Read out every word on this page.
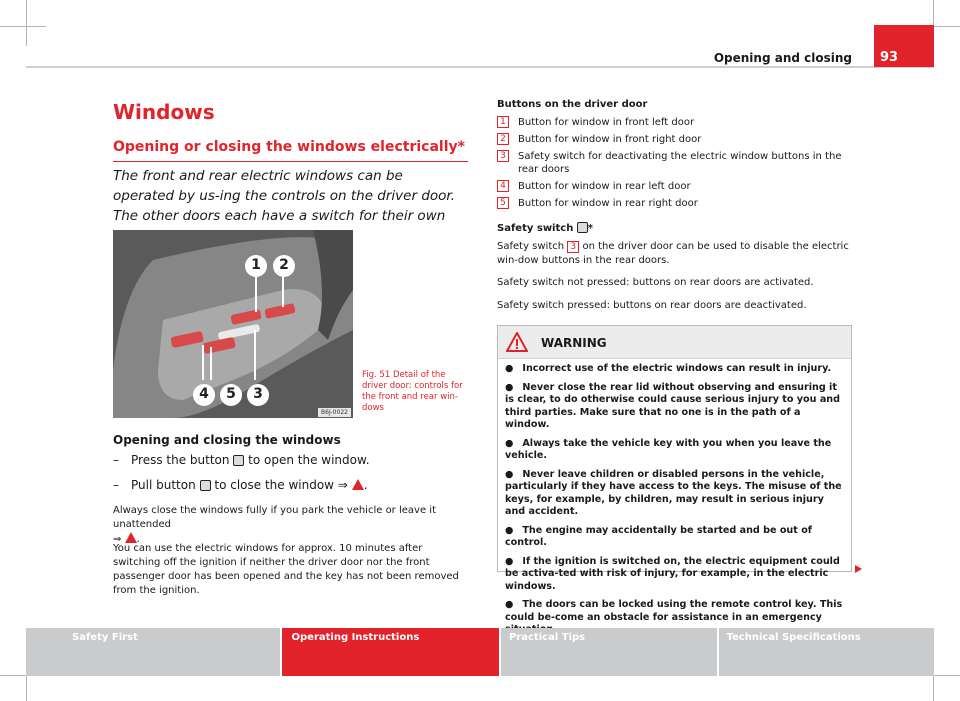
Opening and closing	93
Windows
Opening or closing the windows electrically*
The front and rear electric windows can be operated by us-ing the controls on the driver door. The other doors each have a switch for their own
1	2
4	5	3
B6J-0022
Fig. 51 Detail of the driver door: controls for the front and rear win-dows
Opening and closing the windows
– Press the button to open the window.
– Pull button to close the window ⇒ .
Always close the windows fully if you park the vehicle or leave it unattended
⇒ .
You can use the electric windows for approx. 10 minutes after switching off the ignition if neither the driver door nor the front passenger door has been opened and the key has not been removed from the ignition.
Buttons on the driver door
1	Button for window in front left door
2	Button for window in front right door
3	Safety switch for deactivating the electric window buttons in the rear doors
4	Button for window in rear left door
5	Button for window in rear right door
Safety switch *
Safety switch 3 on the driver door can be used to disable the electric win-dow buttons in the rear doors.
Safety switch not pressed: buttons on rear doors are activated.
Safety switch pressed: buttons on rear doors are deactivated.
WARNING
● Incorrect use of the electric windows can result in injury.
● Never close the rear lid without observing and ensuring it is clear, to do otherwise could cause serious injury to you and third parties. Make sure that no one is in the path of a window.
● Always take the vehicle key with you when you leave the vehicle.
● Never leave children or disabled persons in the vehicle, particularly if they have access to the keys. The misuse of the keys, for example, by children, may result in serious injury and accident.
● The engine may accidentally be started and be out of control.
● If the ignition is switched on, the electric equipment could be activa-ted with risk of injury, for example, in the electric windows.
● The doors can be locked using the remote control key. This could be-come an obstacle for assistance in an emergency
Safety First	Operating Instructions	Practical Tips	Technical Specifications
